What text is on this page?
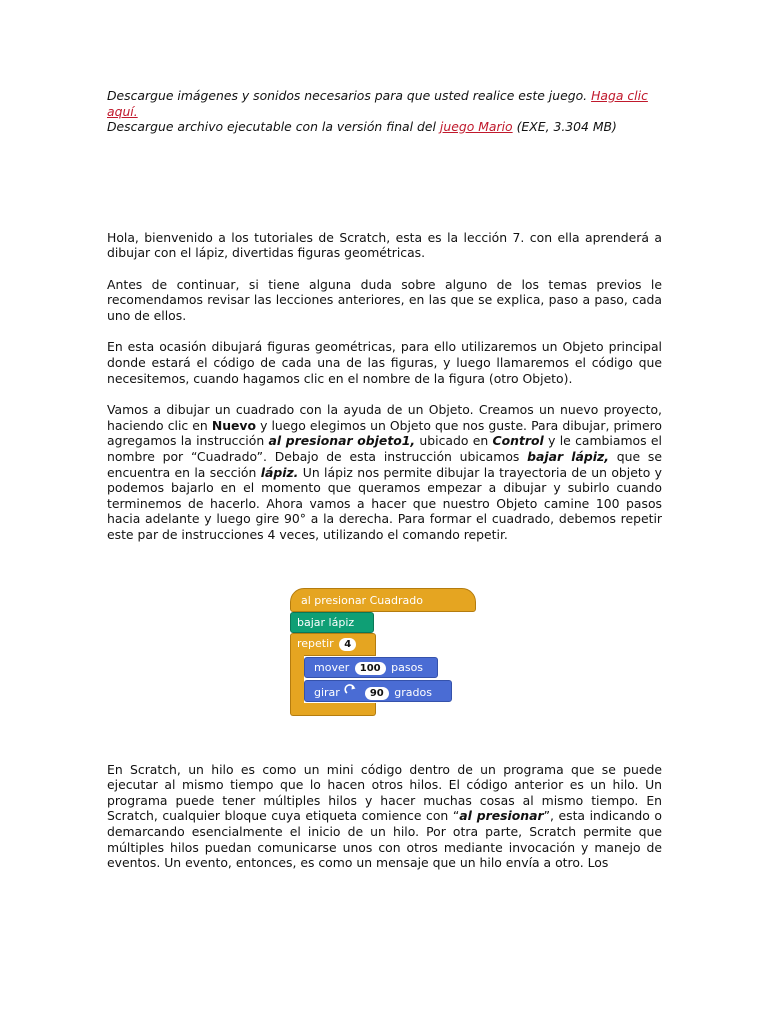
Descargue imágenes y sonidos necesarios para que usted realice este juego. Haga clic aquí.

Descargue archivo ejecutable con la versión final del juego Mario (EXE, 3.304 MB)

Hola, bienvenido a los tutoriales de Scratch, esta es la lección 7. con ella aprenderá a dibujar con el lápiz, divertidas figuras geométricas.

Antes de continuar, si tiene alguna duda sobre alguno de los temas previos le recomendamos revisar las lecciones anteriores, en las que se explica, paso a paso, cada uno de ellos.

En esta ocasión dibujará figuras geométricas, para ello utilizaremos un Objeto principal donde estará el código de cada una de las figuras, y luego llamaremos el código que necesitemos, cuando hagamos clic en el nombre de la figura (otro Objeto).

Vamos a dibujar un cuadrado con la ayuda de un Objeto. Creamos un nuevo proyecto, haciendo clic en Nuevo y luego elegimos un Objeto que nos guste. Para dibujar, primero agregamos la instrucción al presionar objeto1, ubicado en Control y le cambiamos el nombre por “Cuadrado”. Debajo de esta instrucción ubicamos bajar lápiz, que se encuentra en la sección lápiz. Un lápiz nos permite dibujar la trayectoria de un objeto y podemos bajarlo en el momento que queramos empezar a dibujar y subirlo cuando terminemos de hacerlo. Ahora vamos a hacer que nuestro Objeto camine 100 pasos hacia adelante y luego gire 90° a la derecha. Para formar el cuadrado, debemos repetir este par de instrucciones 4 veces, utilizando el comando repetir.

al presionar Cuadrado
bajar lápiz
repetir 4
mover 100 pasos
girar	90 grados

En Scratch, un hilo es como un mini código dentro de un programa que se puede ejecutar al mismo tiempo que lo hacen otros hilos. El código anterior es un hilo. Un programa puede tener múltiples hilos y hacer muchas cosas al mismo tiempo. En Scratch, cualquier bloque cuya etiqueta comience con “al presionar”, esta indicando o demarcando esencialmente el inicio de un hilo. Por otra parte, Scratch permite que múltiples hilos puedan comunicarse unos con otros mediante invocación y manejo de eventos. Un evento, entonces, es como un mensaje que un hilo envía a otro. Los
